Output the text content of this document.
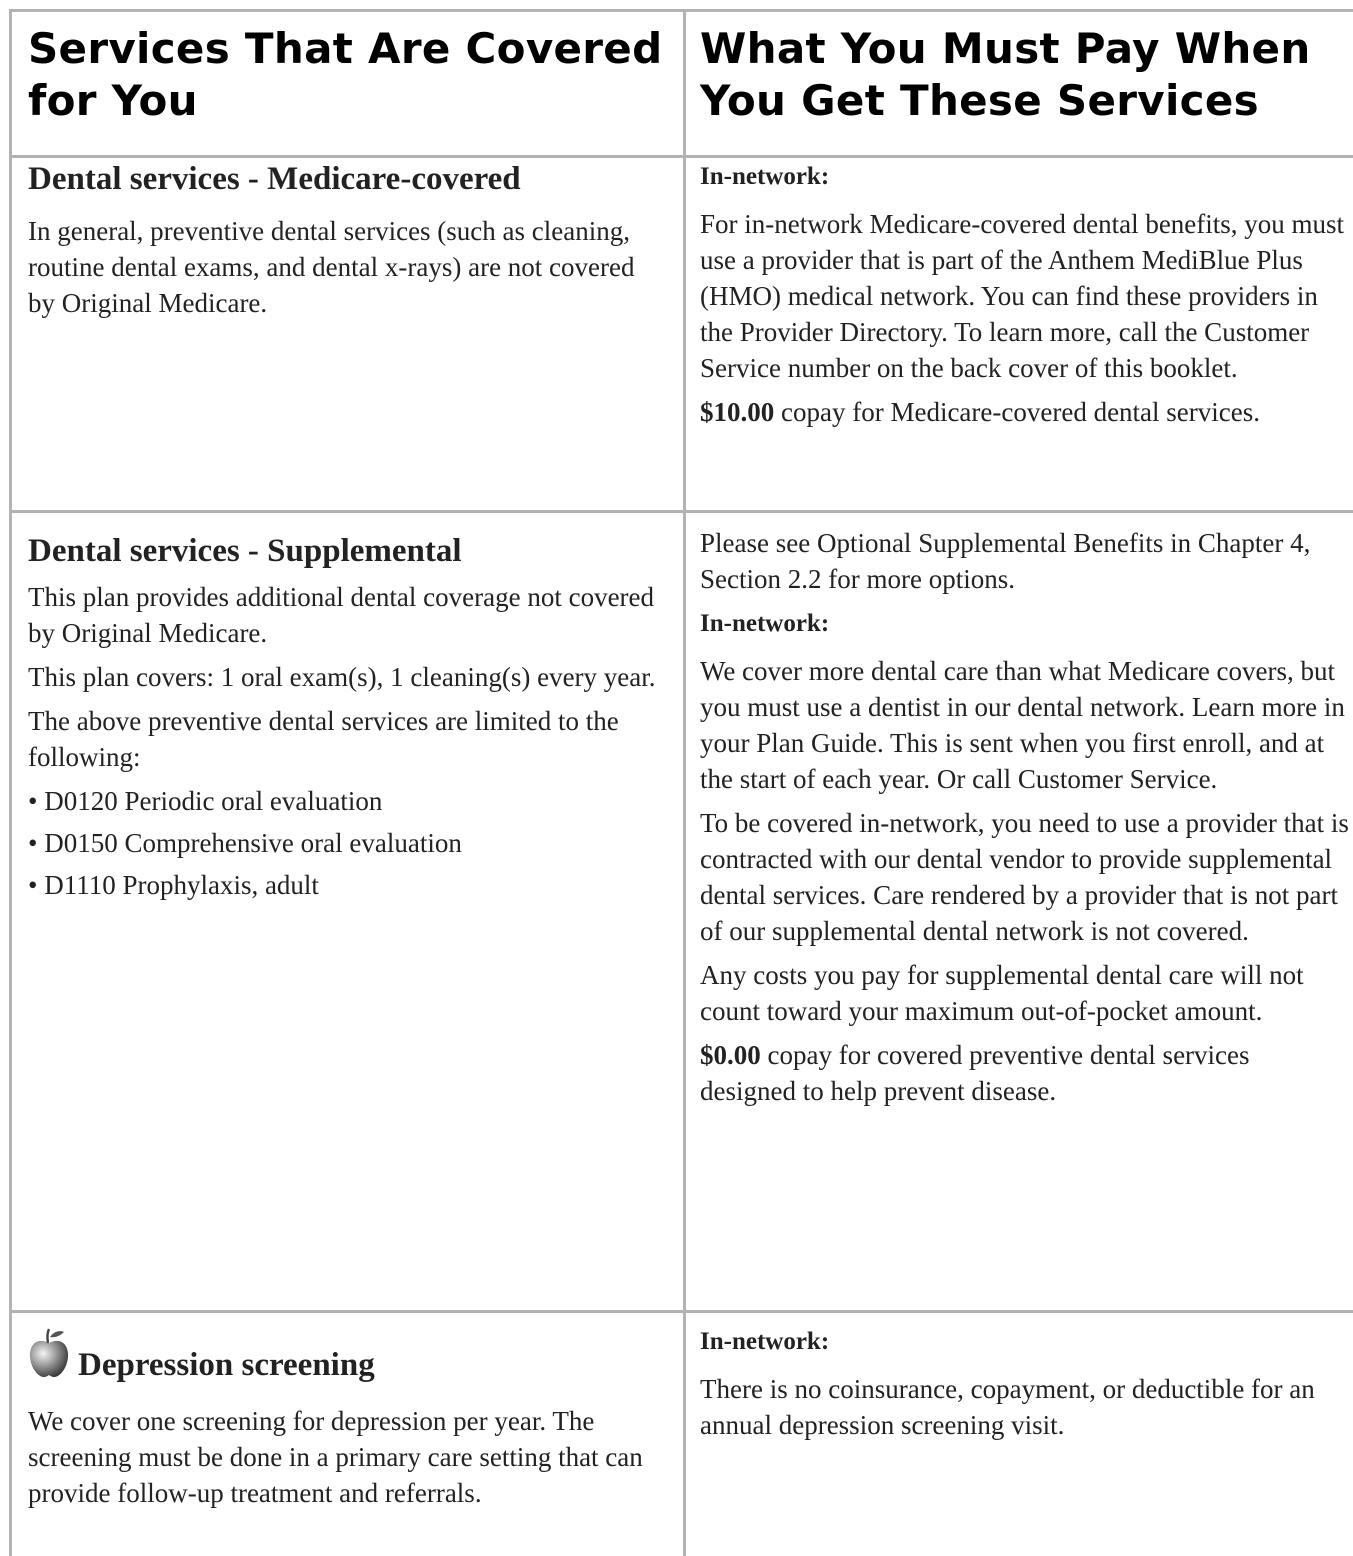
Services That Are Covered for You
What You Must Pay When You Get These Services
Dental services - Medicare-covered

In general, preventive dental services (such as cleaning, routine dental exams, and dental x-rays) are not covered by Original Medicare.

In-network:

For in-network Medicare-covered dental benefits, you must use a provider that is part of the Anthem MediBlue Plus (HMO) medical network. You can find these providers in the Provider Directory. To learn more, call the Customer Service number on the back cover of this booklet.

$10.00 copay for Medicare-covered dental services.

Dental services - Supplemental

This plan provides additional dental coverage not covered by Original Medicare.

This plan covers: 1 oral exam(s), 1 cleaning(s) every year.

The above preventive dental services are limited to the following:

• D0120 Periodic oral evaluation

• D0150 Comprehensive oral evaluation

• D1110 Prophylaxis, adult

Please see Optional Supplemental Benefits in Chapter 4, Section 2.2 for more options.

In-network:

We cover more dental care than what Medicare covers, but you must use a dentist in our dental network. Learn more in your Plan Guide. This is sent when you first enroll, and at the start of each year. Or call Customer Service.

To be covered in-network, you need to use a provider that is contracted with our dental vendor to provide supplemental dental services. Care rendered by a provider that is not part of our supplemental dental network is not covered.

Any costs you pay for supplemental dental care will not count toward your maximum out-of-pocket amount.

$0.00 copay for covered preventive dental services designed to help prevent disease.

Depression screening

We cover one screening for depression per year. The screening must be done in a primary care setting that can provide follow-up treatment and referrals.

In-network:

There is no coinsurance, copayment, or deductible for an annual depression screening visit.
